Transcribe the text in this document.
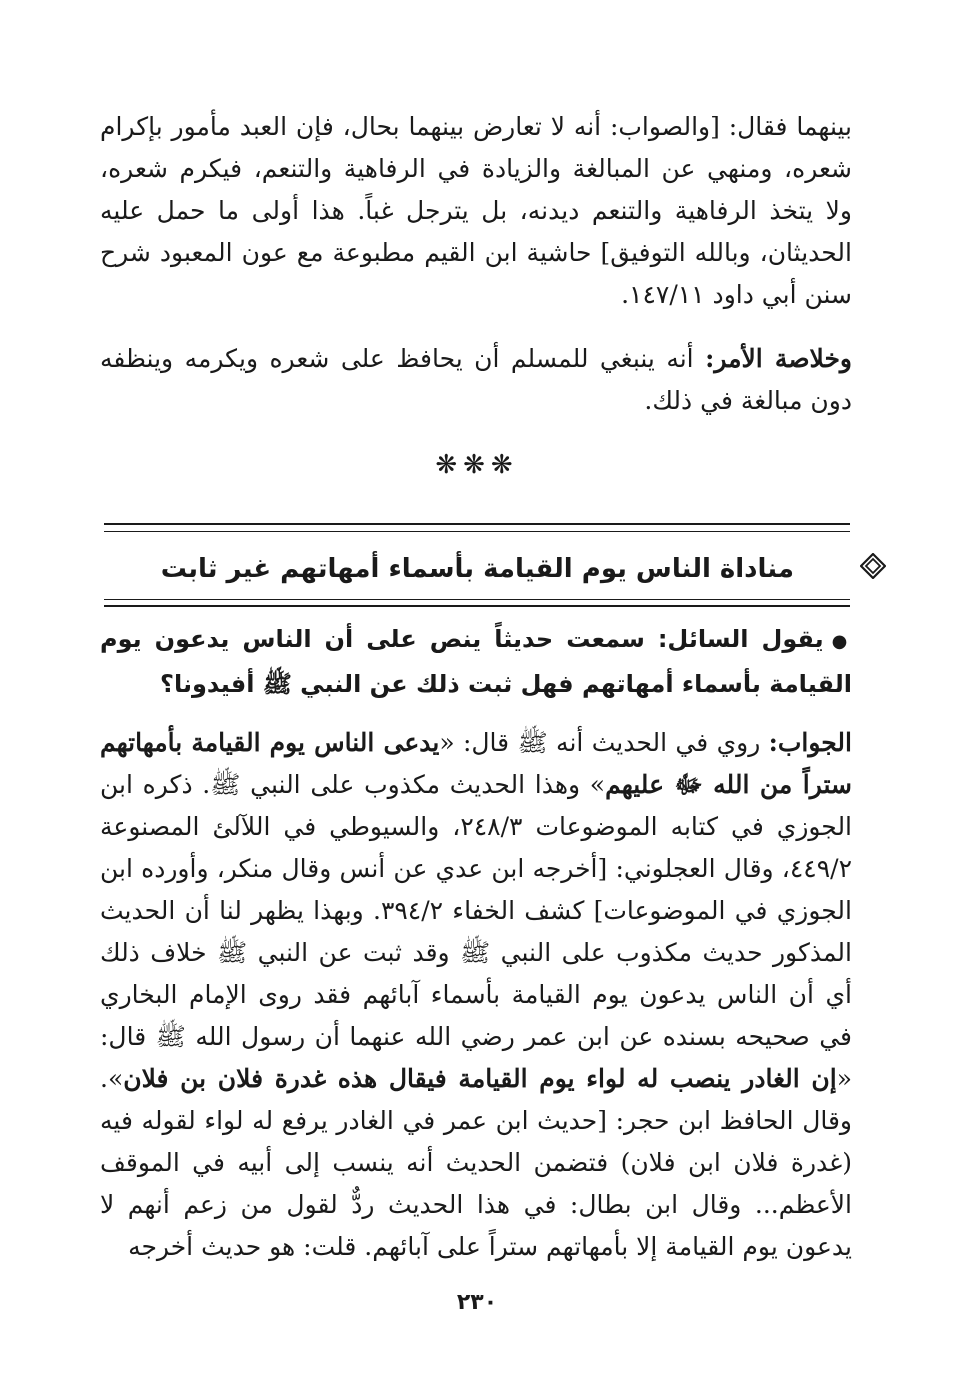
بينهما فقال: [والصواب: أنه لا تعارض بينهما بحال، فإن العبد مأمور بإكرام شعره، ومنهي عن المبالغة والزيادة في الرفاهية والتنعم، فيكرم شعره، ولا يتخذ الرفاهية والتنعم ديدنه، بل يترجل غباً. هذا أولى ما حمل عليه الحديثان، وبالله التوفيق] حاشية ابن القيم مطبوعة مع عون المعبود شرح سنن أبي داود ١٤٧/١١.

وخلاصة الأمر: أنه ينبغي للمسلم أن يحافظ على شعره ويكرمه وينظفه دون مبالغة في ذلك.

❋❋❋
مناداة الناس يوم القيامة بأسماء أمهاتهم غير ثابت

●يقول السائل: سمعت حديثاً ينص على أن الناس يدعون يوم القيامة بأسماء أمهاتهم فهل ثبت ذلك عن النبي ﷺ أفيدونا؟

الجواب: روي في الحديث أنه ﷺ قال: «يدعى الناس يوم القيامة بأمهاتهم ستراً من الله ﷻ عليهم» وهذا الحديث مكذوب على النبي ﷺ. ذكره ابن الجوزي في كتابه الموضوعات ٢٤٨/٣، والسيوطي في اللآلئ المصنوعة ٤٤٩/٢، وقال العجلوني: [أخرجه ابن عدي عن أنس وقال منكر، وأورده ابن الجوزي في الموضوعات] كشف الخفاء ٣٩٤/٢. وبهذا يظهر لنا أن الحديث المذكور حديث مكذوب على النبي ﷺ وقد ثبت عن النبي ﷺ خلاف ذلك أي أن الناس يدعون يوم القيامة بأسماء آبائهم فقد روى الإمام البخاري في صحيحه بسنده عن ابن عمر رضي الله عنهما أن رسول الله ﷺ قال: «إن الغادر ينصب له لواء يوم القيامة فيقال هذه غدرة فلان بن فلان». وقال الحافظ ابن حجر: [حديث ابن عمر في الغادر يرفع له لواء لقوله فيه (غدرة فلان ابن فلان) فتضمن الحديث أنه ينسب إلى أبيه في الموقف الأعظم... وقال ابن بطال: في هذا الحديث ردٌّ لقول من زعم أنهم لا يدعون يوم القيامة إلا بأمهاتهم ستراً على آبائهم. قلت: هو حديث أخرجه

٢٣٠
